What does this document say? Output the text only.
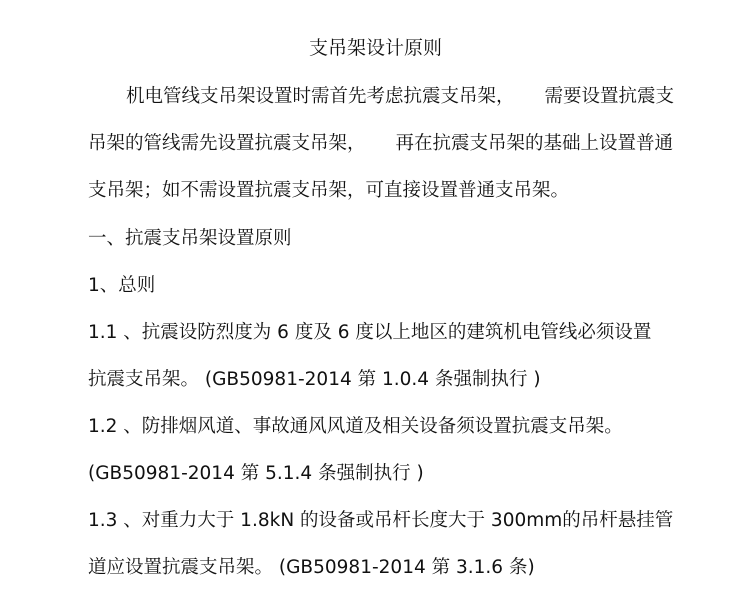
支吊架设计原则
机电管线支吊架设置时需首先考虑抗震支吊架， 需要设置抗震支
吊架的管线需先设置抗震支吊架， 再在抗震支吊架的基础上设置普通
支吊架；如不需设置抗震支吊架，可直接设置普通支吊架。
一、抗震支吊架设置原则
1、总则
1.1 、抗震设防烈度为 6 度及 6 度以上地区的建筑机电管线必须设置
抗震支吊架。 (GB50981-2014 第 1.0.4 条强制执行 )
1.2 、防排烟风道、事故通风风道及相关设备须设置抗震支吊架。
(GB50981-2014 第 5.1.4 条强制执行 )
1.3 、对重力大于 1.8kN 的设备或吊杆长度大于 300mm的吊杆悬挂管
道应设置抗震支吊架。 (GB50981-2014 第 3.1.6 条)
